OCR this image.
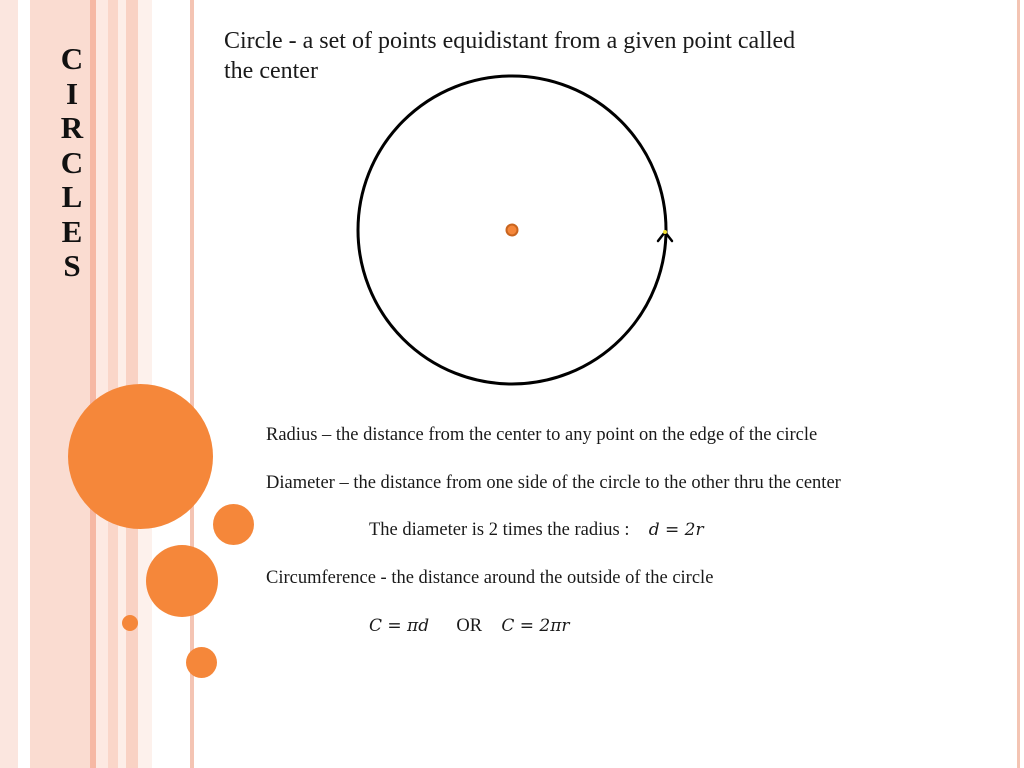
C
I
R
C
L
E
S
Circle - a set of points equidistant from a given point called
the center
Radius – the distance from the center to any point on the edge of the circle
Diameter – the distance from one side of the circle to the other thru the center
The diameter is 2 times the radius : d = 2r
Circumference - the distance around the outside of the circle
C = πd OR C = 2πr
